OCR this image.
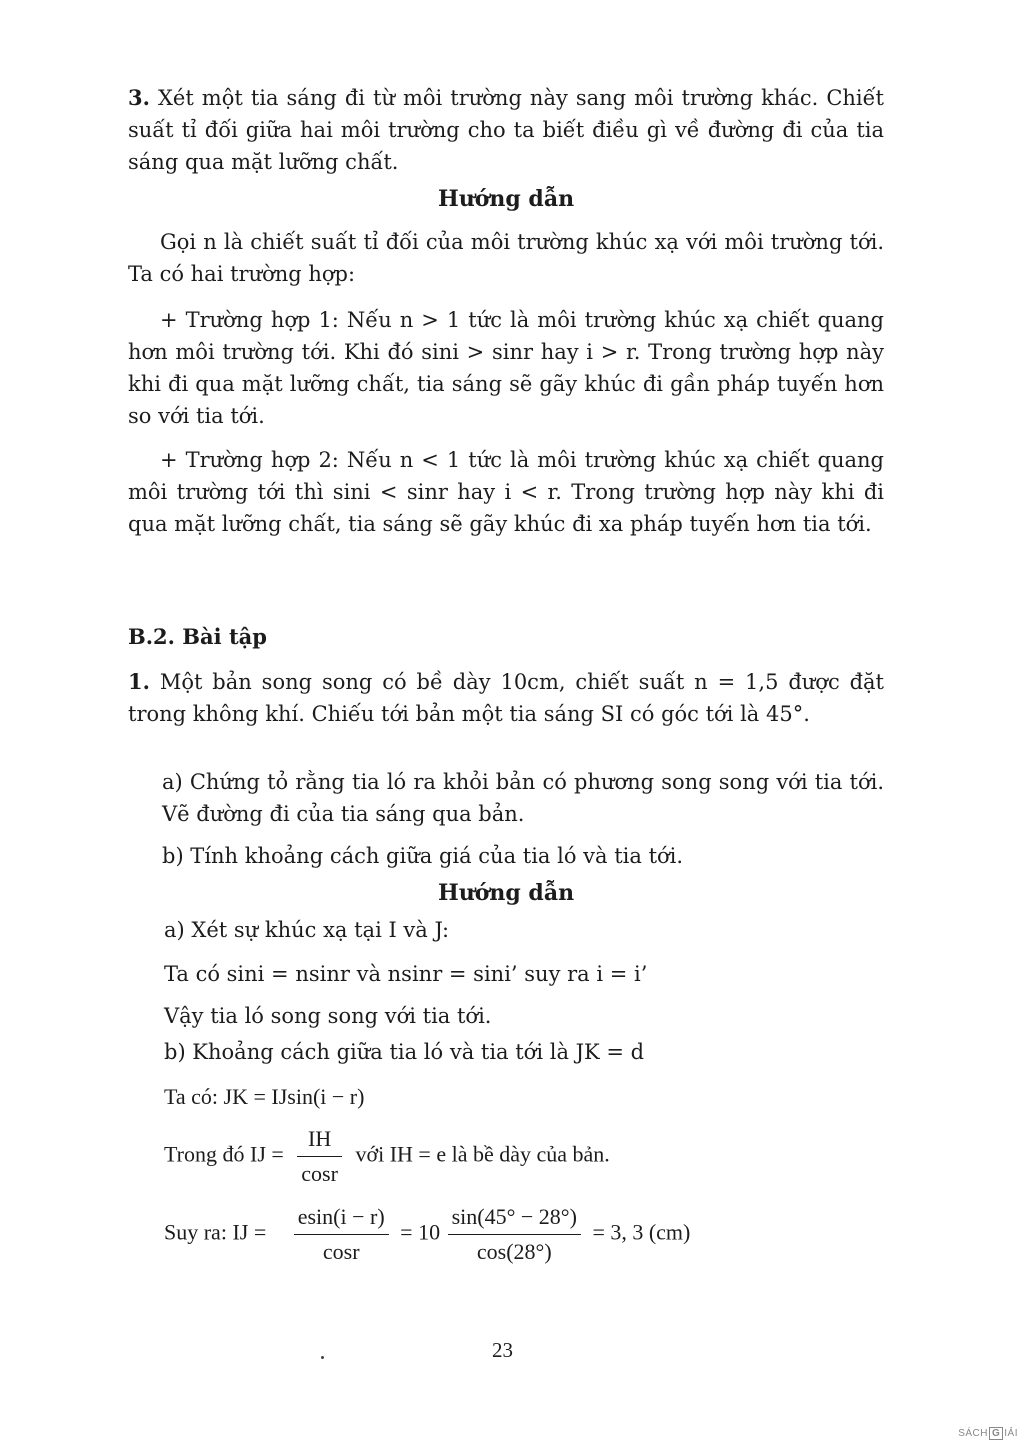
3. Xét một tia sáng đi từ môi trường này sang môi trường khác. Chiết suất tỉ đối giữa hai môi trường cho ta biết điều gì về đường đi của tia sáng qua mặt lưỡng chất.
Hướng dẫn
Gọi n là chiết suất tỉ đối của môi trường khúc xạ với môi trường tới. Ta có hai trường hợp:
+ Trường hợp 1: Nếu n > 1 tức là môi trường khúc xạ chiết quang hơn môi trường tới. Khi đó sini > sinr hay i > r. Trong trường hợp này khi đi qua mặt lưỡng chất, tia sáng sẽ gãy khúc đi gần pháp tuyến hơn so với tia tới.
+ Trường hợp 2: Nếu n < 1 tức là môi trường khúc xạ chiết quang môi trường tới thì sini < sinr hay i < r. Trong trường hợp này khi đi qua mặt lưỡng chất, tia sáng sẽ gãy khúc đi xa pháp tuyến hơn tia tới.
B.2. Bài tập
1. Một bản song song có bề dày 10cm, chiết suất n = 1,5 được đặt trong không khí. Chiếu tới bản một tia sáng SI có góc tới là 45°.
a) Chứng tỏ rằng tia ló ra khỏi bản có phương song song với tia tới. Vẽ đường đi của tia sáng qua bản.
b) Tính khoảng cách giữa giá của tia ló và tia tới.
Hướng dẫn
a) Xét sự khúc xạ tại I và J:
Ta có sini = nsinr và nsinr = sini’ suy ra i = i’
Vậy tia ló song song với tia tới.
b) Khoảng cách giữa tia ló và tia tới là JK = d
Ta có: JK = IJsin(i − r)
Trong đó IJ = $\frac{IH}{\cos r}$ với IH = e là bề dày của bản.
Suy ra: IJ = $\frac{esin(i - r)}{\cos r} = 10 \frac{\sin(45^\circ - 28^\circ)}{\cos(28^\circ)} = 3$, 3 (cm)
23
SÁCH G IẢI
